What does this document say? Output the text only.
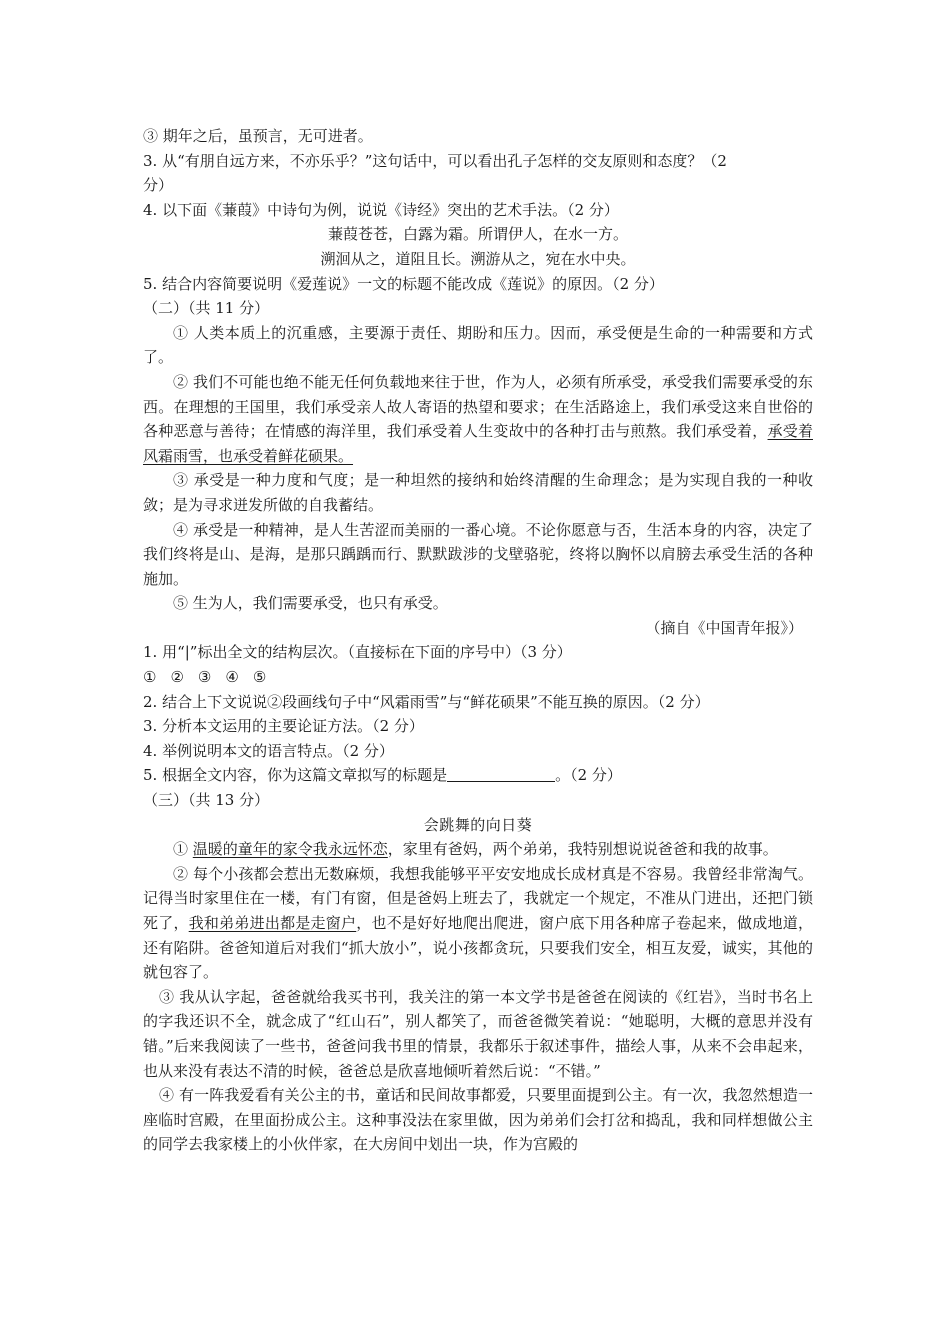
③ 期年之后，虽预言，无可进者。

3. 从“有朋自远方来，不亦乐乎？”这句话中，可以看出孔子怎样的交友原则和态度？（2

分）

4. 以下面《蒹葭》中诗句为例，说说《诗经》突出的艺术手法。（2 分）

蒹葭苍苍，白露为霜。所谓伊人，在水一方。

溯洄从之，道阻且长。溯游从之，宛在水中央。

5. 结合内容简要说明《爱莲说》一文的标题不能改成《莲说》的原因。（2 分）

（二）（共 11 分）

① 人类本质上的沉重感，主要源于责任、期盼和压力。因而，承受便是生命的一种需要和方式了。

② 我们不可能也绝不能无任何负载地来往于世，作为人，必须有所承受，承受我们需要承受的东西。在理想的王国里，我们承受亲人故人寄语的热望和要求；在生活路途上，我们承受这来自世俗的各种恶意与善待；在情感的海洋里，我们承受着人生变故中的各种打击与煎熬。我们承受着，承受着风霜雨雪，也承受着鲜花硕果。

③ 承受是一种力度和气度；是一种坦然的接纳和始终清醒的生命理念；是为实现自我的一种收敛；是为寻求迸发所做的自我蓄结。

④ 承受是一种精神，是人生苦涩而美丽的一番心境。不论你愿意与否，生活本身的内容，决定了我们终将是山、是海，是那只踽踽而行、默默跋涉的戈壁骆驼，终将以胸怀以肩膀去承受生活的各种施加。

⑤ 生为人，我们需要承受，也只有承受。

（摘自《中国青年报》）

1. 用“|”标出全文的结构层次。（直接标在下面的序号中）（3 分）

① ② ③ ④ ⑤

2. 结合上下文说说②段画线句子中“风霜雨雪”与“鲜花硕果”不能互换的原因。（2 分）

3. 分析本文运用的主要论证方法。（2 分）

4. 举例说明本文的语言特点。（2 分）

5. 根据全文内容，你为这篇文章拟写的标题是	。（2 分）

（三）（共 13 分）

会跳舞的向日葵

① 温暖的童年的家令我永远怀恋，家里有爸妈，两个弟弟，我特别想说说爸爸和我的故事。

② 每个小孩都会惹出无数麻烦，我想我能够平平安安地成长成材真是不容易。我曾经非常淘气。记得当时家里住在一楼，有门有窗，但是爸妈上班去了，我就定一个规定，不准从门进出，还把门锁死了，我和弟弟进出都是走窗户，也不是好好地爬出爬进，窗户底下用各种席子卷起来，做成地道，还有陷阱。爸爸知道后对我们“抓大放小”，说小孩都贪玩，只要我们安全，相互友爱，诚实，其他的就包容了。

③ 我从认字起，爸爸就给我买书刊，我关注的第一本文学书是爸爸在阅读的《红岩》，当时书名上的字我还识不全，就念成了“红山石”，别人都笑了，而爸爸微笑着说：“她聪明，大概的意思并没有错。”后来我阅读了一些书，爸爸问我书里的情景，我都乐于叙述事件，描绘人事，从来不会串起来，也从来没有表达不清的时候，爸爸总是欣喜地倾听着然后说：“不错。”

④ 有一阵我爱看有关公主的书，童话和民间故事都爱，只要里面提到公主。有一次，我忽然想造一座临时宫殿，在里面扮成公主。这种事没法在家里做，因为弟弟们会打岔和捣乱，我和同样想做公主的同学去我家楼上的小伙伴家，在大房间中划出一块，作为宫殿的
